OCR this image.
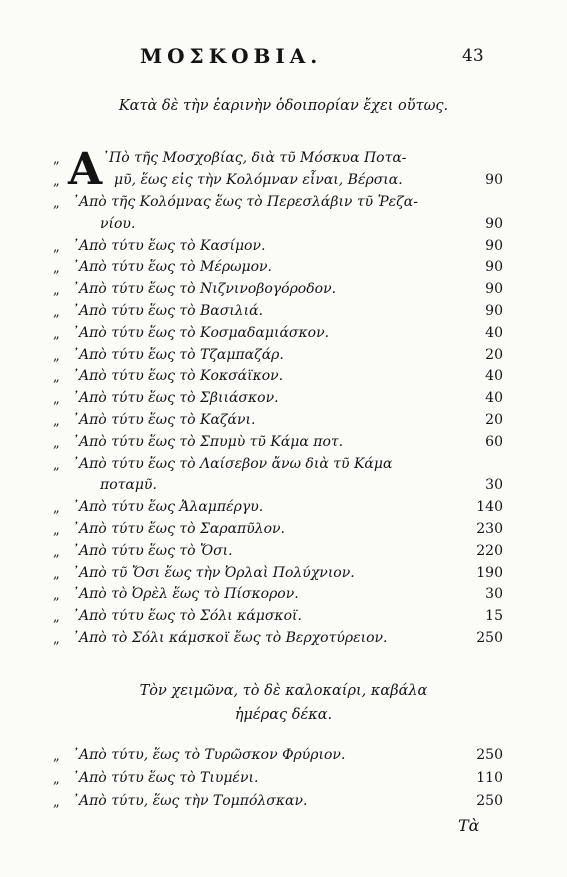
ΜΟΣΚΟΒΙΑ.	43
Κατὰ δὲ τὴν ἐαρινὴν ὁδοιπορίαν ἔχει οὕτως.
Α
„	᾿Πὸ τῆς Μοσχοβίας, διὰ τῦ Μόσκυα Ποτα-
„	μῦ, ἕως εἰς τὴν Κολόμναν εἶναι, Βέρσια.	90
„ ᾿Απὸ τῆς Κολόμνας ἕως τὸ Περεσλάβιν τῦ Ῥεζα-
νίου.	90
„ ᾿Απὸ τύτυ ἕως τὸ Κασίμον.	90
„ ᾿Απὸ τύτυ ἕως τὸ Μέρωμον.	90
„ ᾿Απὸ τύτυ ἕως τὸ Νιζνινοβογόροδον.	90
„ ᾿Απὸ τύτυ ἕως τὸ Βασιλιά.	90
„ ᾿Απὸ τύτυ ἕως τὸ Κοσμαδαμιάσκον.	40
„ ᾿Απὸ τύτυ ἕως τὸ Τζαμπαζάρ.	20
„ ᾿Απὸ τύτυ ἕως τὸ Κοκσάϊκον.	40
„ ᾿Απὸ τύτυ ἕως τὸ Σβιιάσκον.	40
„ ᾿Απὸ τύτυ ἕως τὸ Καζάνι.	20
„ ᾿Απὸ τύτυ ἕως τὸ Σπυμὺ τῦ Κάμα ποτ.	60
„ ᾿Απὸ τύτυ ἕως τὸ Λαίσεβον ἄνω διὰ τῦ Κάμα
ποταμῦ.	30
„ ᾿Απὸ τύτυ ἕως Ἀλαμπέργυ.	140
„ ᾿Απὸ τύτυ ἕως τὸ Σαραπῦλον.	230
„ ᾿Απὸ τύτυ ἕως τὸ Ὄσι.	220
„ ᾿Απὸ τῦ Ὄσι ἕως τὴν Ὀρλαὶ Πολύχνιον.	190
„ ᾿Απὸ τὸ Ὀρὲλ ἕως τὸ Πίσκορον.	30
„ ᾿Απὸ τύτυ ἕως τὸ Σόλι κάμσκοϊ.	15
„ ᾿Απὸ τὸ Σόλι κάμσκοϊ ἕως τὸ Βερχοτύρειον.	250
Τὸν χειμῶνα, τὸ δὲ καλοκαίρι, καβάλα
ἡμέρας δέκα.
„ ᾿Απὸ τύτυ, ἕως τὸ Τυρῶσκον Φρύριον.	250
„ ᾿Απὸ τύτυ ἕως τὸ Τιυμένι.	110
„ ᾿Απὸ τύτυ, ἕως τὴν Τομπόλσκαν.	250
Τὰ
